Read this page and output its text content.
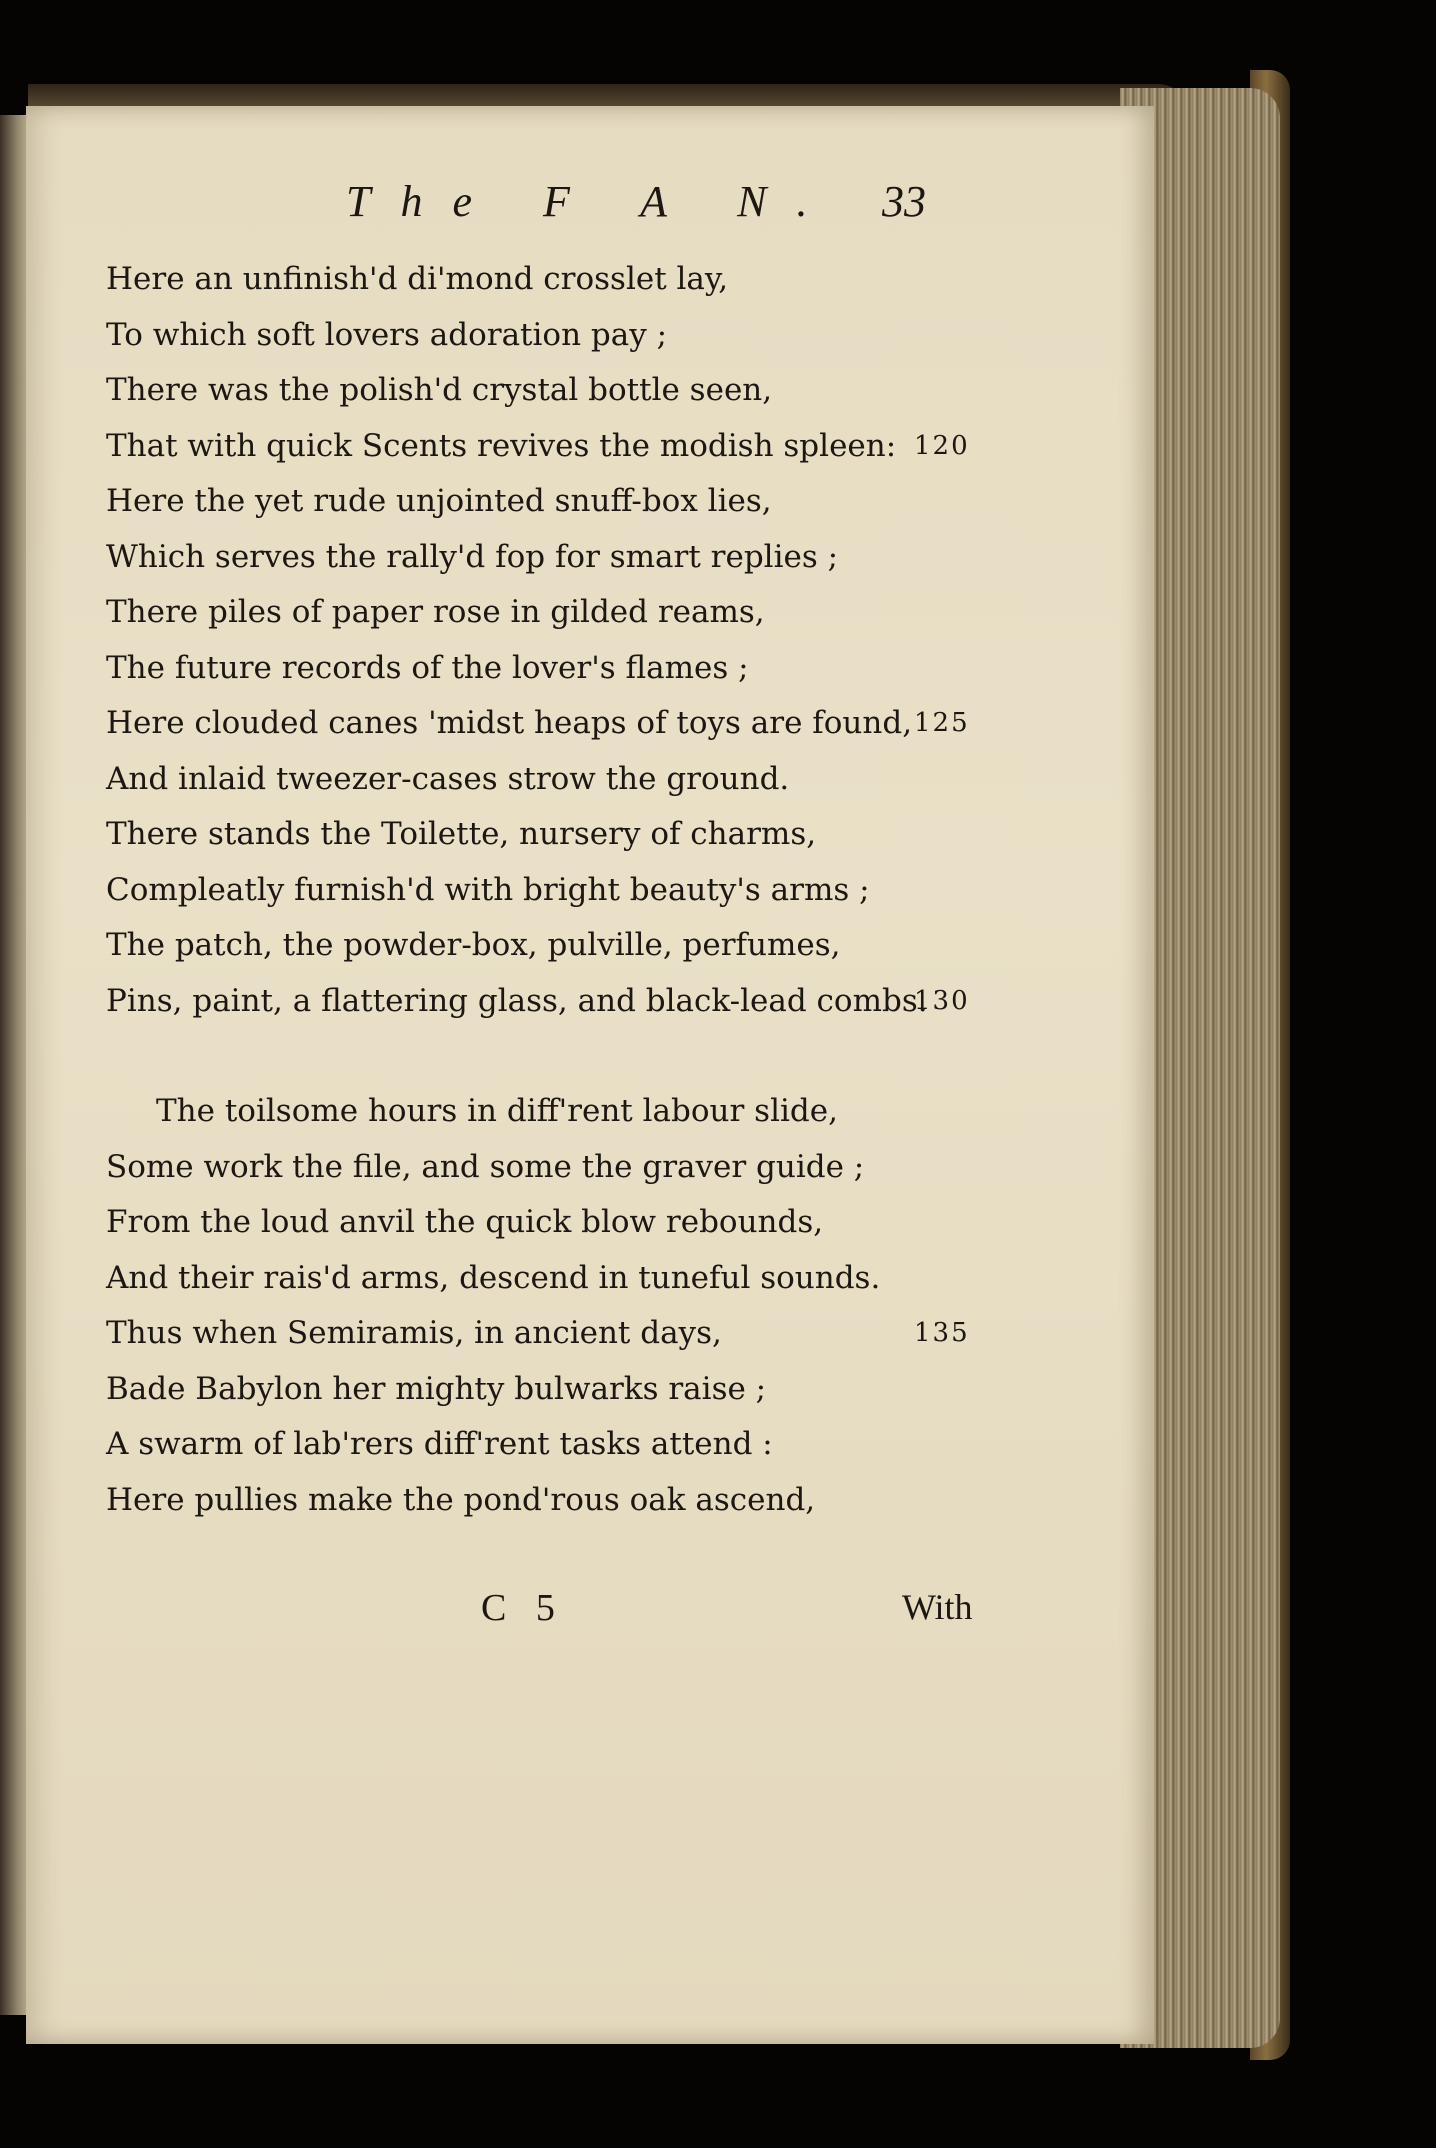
The F A N. 33
Here an unfinish'd di'mond crosslet lay,
To which soft lovers adoration pay ;
There was the polish'd crystal bottle seen,
That with quick Scents revives the modish spleen: 120
Here the yet rude unjointed snuff-box lies,
Which serves the rally'd fop for smart replies ;
There piles of paper rose in gilded reams,
The future records of the lover's flames ;
Here clouded canes 'midst heaps of toys are found, 125
And inlaid tweezer-cases strow the ground.
There stands the Toilette, nursery of charms,
Compleatly furnish'd with bright beauty's arms ;
The patch, the powder-box, pulville, perfumes,
Pins, paint, a flattering glass, and black-lead combs.
130
The toilsome hours in diff'rent labour slide,
Some work the file, and some the graver guide ;
From the loud anvil the quick blow rebounds,
And their rais'd arms, descend in tuneful sounds.
Thus when Semiramis, in ancient days,	135
Bade Babylon her mighty bulwarks raise ;
A swarm of lab'rers diff'rent tasks attend :
Here pullies make the pond'rous oak ascend,
C 5	With
